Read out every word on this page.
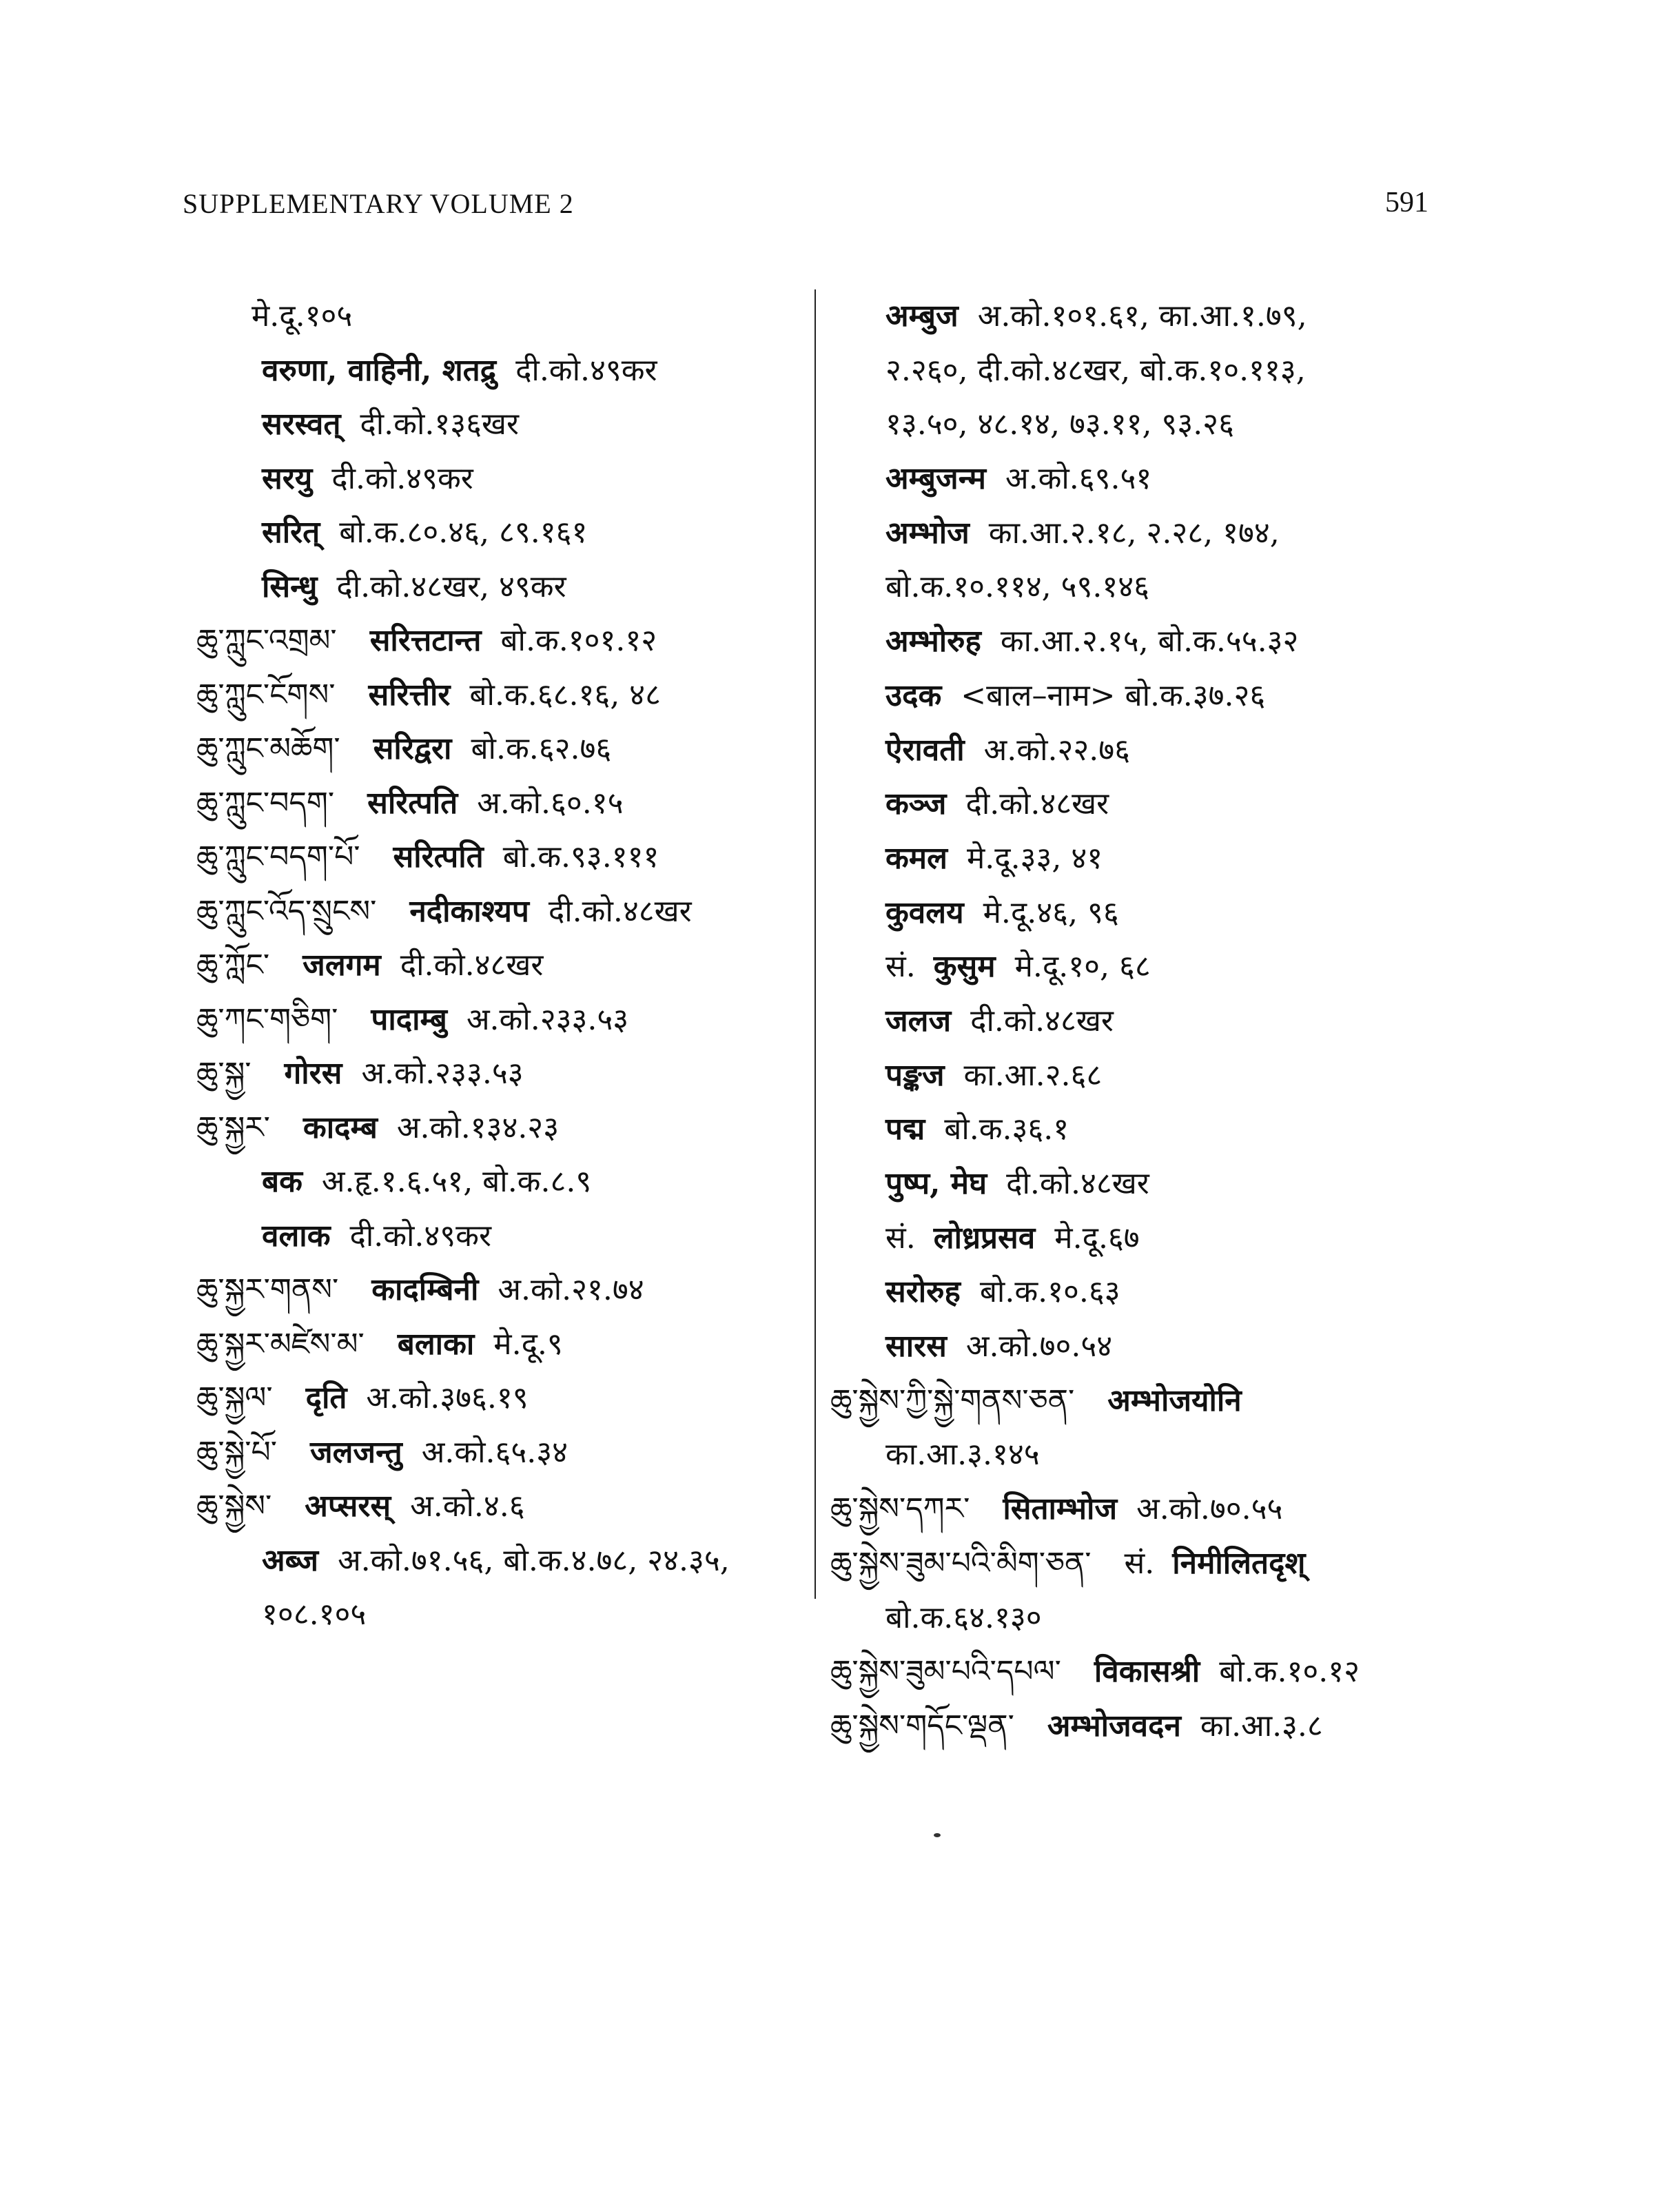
SUPPLEMENTARY VOLUME 2	591
मे.दू.१०५
वरुणा, वाहिनी, शतद्रु दी.को.४९कर
सरस्वत् दी.को.१३६खर
सरयु दी.को.४९कर
सरित् बो.क.८०.४६, ८९.१६१
सिन्धु दी.को.४८खर, ४९कर
ཆུ་ཀླུང་འགྲམ་ सरित्तटान्त बो.क.१०१.१२
ཆུ་ཀླུང་ངོགས་ सरित्तीर बो.क.६८.१६, ४८
ཆུ་ཀླུང་མཆོག་ सरिद्वरा बो.क.६२.७६
ཆུ་ཀླུང་བདག་ सरित्पति अ.को.६०.१५
ཆུ་ཀླུང་བདག་པོ་ सरित्पति बो.क.९३.१११
ཆུ་ཀླུང་འོད་སྲུངས་ नदीकाश्यप दी.को.४८खर
ཆུ་ཀློང་ जलगम दी.को.४८खर
ཆུ་ཀང་གཅིག་ पादाम्बु अ.को.२३३.५३
ཆུ་སྐྱ་ गोरस अ.को.२३३.५३
ཆུ་སྐྱར་ कादम्ब अ.को.१३४.२३
बक अ.हृ.१.६.५१, बो.क.८.९
वलाक दी.को.४९कर
ཆུ་སྐྱར་གནས་ कादम्बिनी अ.को.२१.७४
ཆུ་སྐྱར་མཛེས་མ་ बलाका मे.दू.९
ཆུ་སྐྱལ་ दृति अ.को.३७६.१९
ཆུ་སྐྱེ་པོ་ जलजन्तु अ.को.६५.३४
ཆུ་སྐྱེས་ अप्सरस् अ.को.४.६
अब्ज अ.को.७१.५६, बो.क.४.७८, २४.३५,
१०८.१०५
अम्बुज अ.को.१०१.६१, का.आ.१.७९,
२.२६०, दी.को.४८खर, बो.क.१०.११३,
१३.५०, ४८.१४, ७३.११, ९३.२६
अम्बुजन्म अ.को.६९.५१
अम्भोज का.आ.२.१८, २.२८, १७४,
बो.क.१०.११४, ५९.१४६
अम्भोरुह का.आ.२.१५, बो.क.५५.३२
उदक <बाल–नाम> बो.क.३७.२६
ऐरावती अ.को.२२.७६
कञ्ज दी.को.४८खर
कमल मे.दू.३३, ४१
कुवलय मे.दू.४६, ९६
सं. कुसुम मे.दू.१०, ६८
जलज दी.को.४८खर
पङ्कज का.आ.२.६८
पद्म बो.क.३६.१
पुष्प, मेघ दी.को.४८खर
सं. लोध्रप्रसव मे.दू.६७
सरोरुह बो.क.१०.६३
सारस अ.को.७०.५४
ཆུ་སྐྱེས་ཀྱི་སྐྱེ་གནས་ཅན་ अम्भोजयोनि
का.आ.३.१४५
ཆུ་སྐྱེས་དཀར་ सिताम्भोज अ.को.७०.५५
ཆུ་སྐྱེས་ཟུམ་པའི་མིག་ཅན་ सं. निमीलितदृश्
बो.क.६४.१३०
ཆུ་སྐྱེས་ཟུམ་པའི་དཔལ་ विकासश्री बो.क.१०.१२
ཆུ་སྐྱེས་གདོང་ལྡན་ अम्भोजवदन का.आ.३.८
